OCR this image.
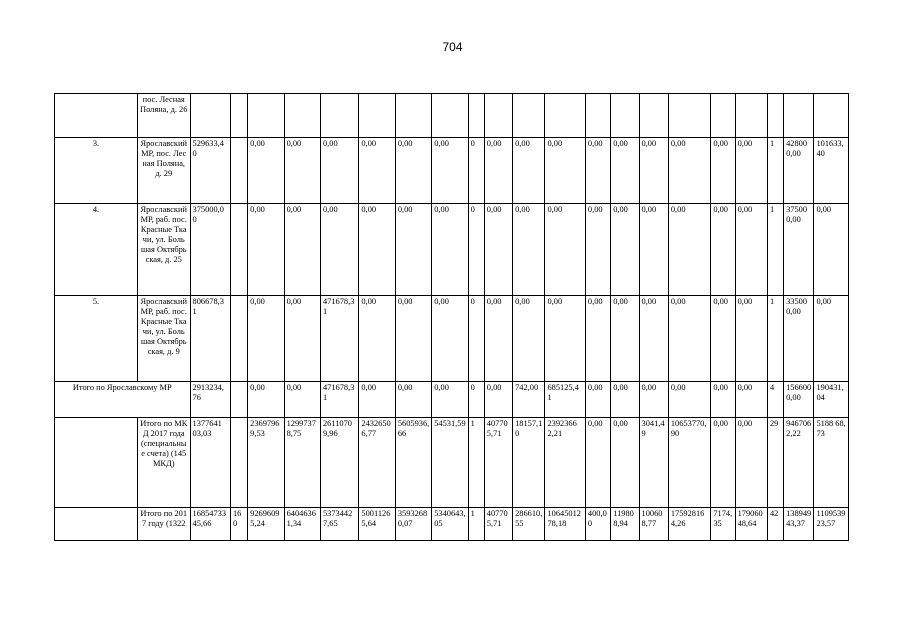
704
	пос. Лесная Поляна, д. 26																					
3.	Ярославский МР, пос. Лесная Поляна, д. 29	529633,40		0,00	0,00	0,00	0,00	0,00	0,00	0	0,00	0,00	0,00	0,00	0,00	0,00	0,00	0,00	0,00	1	428000,00	101633,40
4.	Ярославский МР, раб. пос. Красные Ткачи, ул. Большая Октябрьская, д. 25	375000,00		0,00	0,00	0,00	0,00	0,00	0,00	0	0,00	0,00	0,00	0,00	0,00	0,00	0,00	0,00	0,00	1	375000,00	0,00
5.	Ярославский МР, раб. пос. Красные Ткачи, ул. Большая Октябрьская, д. 9	806678,31		0,00	0,00	471678,31	0,00	0,00	0,00	0	0,00	0,00	0,00	0,00	0,00	0,00	0,00	0,00	0,00	1	335000,00	0,00
Итого по Ярославскому МР		2913234,76		0,00	0,00	471678,31	0,00	0,00	0,00	0	0,00	742,00	685125,41	0,00	0,00	0,00	0,00	0,00	0,00	4	1566000,00	190431,04
	Итого по МКД 2017 года (специальные счета) (145 МКД)	1377641 03,03		23697969,53	12997378,75	26110709,96	24326506,77	5605936,66	54531,59	1	407705,71	18157,10	23923662,21	0,00	0,00	3041,49	10653770,90	0,00	0,00	29	9467062,22	5188 68,73
	Итого по 2017 году (1322	1685473345,66	160	92696095,24	64046361,34	53734427,65	50011265,64	35932680,07	5340643,05	1	407705,71	286610,55	1064501278,18	400,00	119808,94	100608,77	175928164,26	7174,35	17906048,64	42	13894943,37	110953923,57
